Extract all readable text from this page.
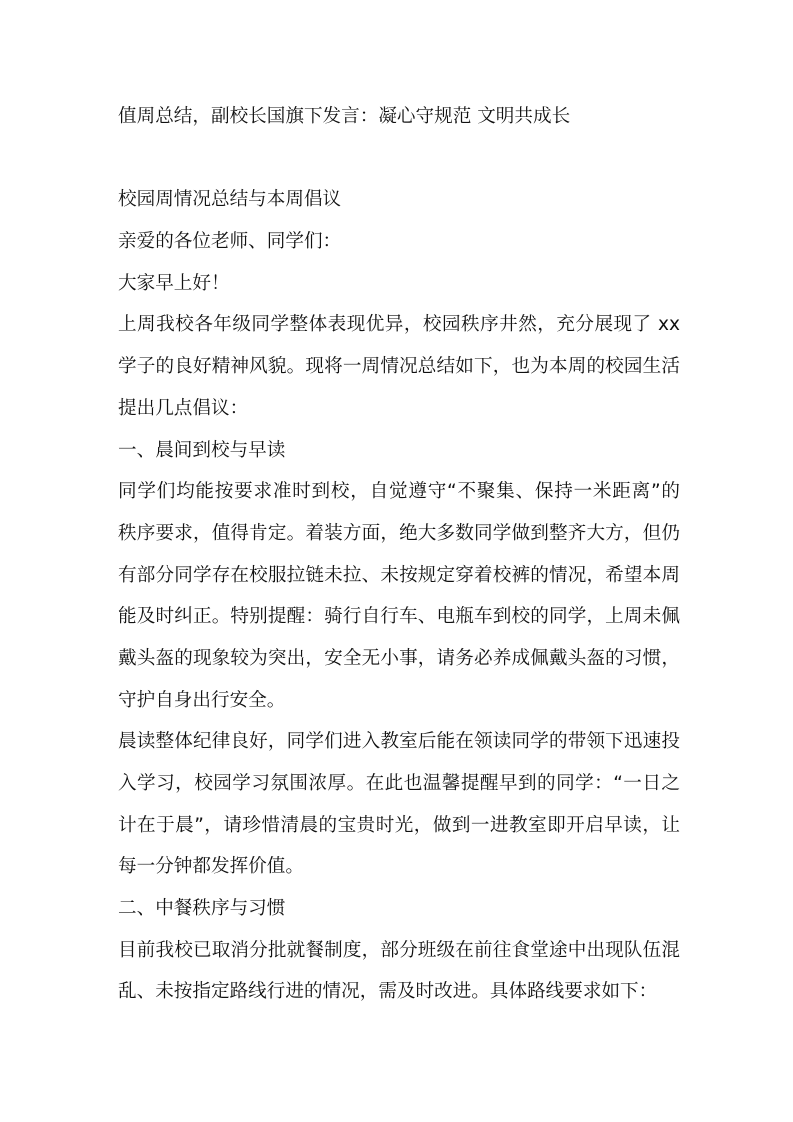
值周总结，副校长国旗下发言：凝心守规范 文明共成长
校园周情况总结与本周倡议
亲爱的各位老师、同学们：
大家早上好！
上周我校各年级同学整体表现优异，校园秩序井然，充分展现了 xx
学子的良好精神风貌。现将一周情况总结如下，也为本周的校园生活
提出几点倡议：
一、晨间到校与早读
同学们均能按要求准时到校，自觉遵守“不聚集、保持一米距离”的
秩序要求，值得肯定。着装方面，绝大多数同学做到整齐大方，但仍
有部分同学存在校服拉链未拉、未按规定穿着校裤的情况，希望本周
能及时纠正。特别提醒：骑行自行车、电瓶车到校的同学，上周未佩
戴头盔的现象较为突出，安全无小事，请务必养成佩戴头盔的习惯，
守护自身出行安全。
晨读整体纪律良好，同学们进入教室后能在领读同学的带领下迅速投
入学习，校园学习氛围浓厚。在此也温馨提醒早到的同学：“一日之
计在于晨”，请珍惜清晨的宝贵时光，做到一进教室即开启早读，让
每一分钟都发挥价值。
二、中餐秩序与习惯
目前我校已取消分批就餐制度，部分班级在前往食堂途中出现队伍混
乱、未按指定路线行进的情况，需及时改进。具体路线要求如下：
